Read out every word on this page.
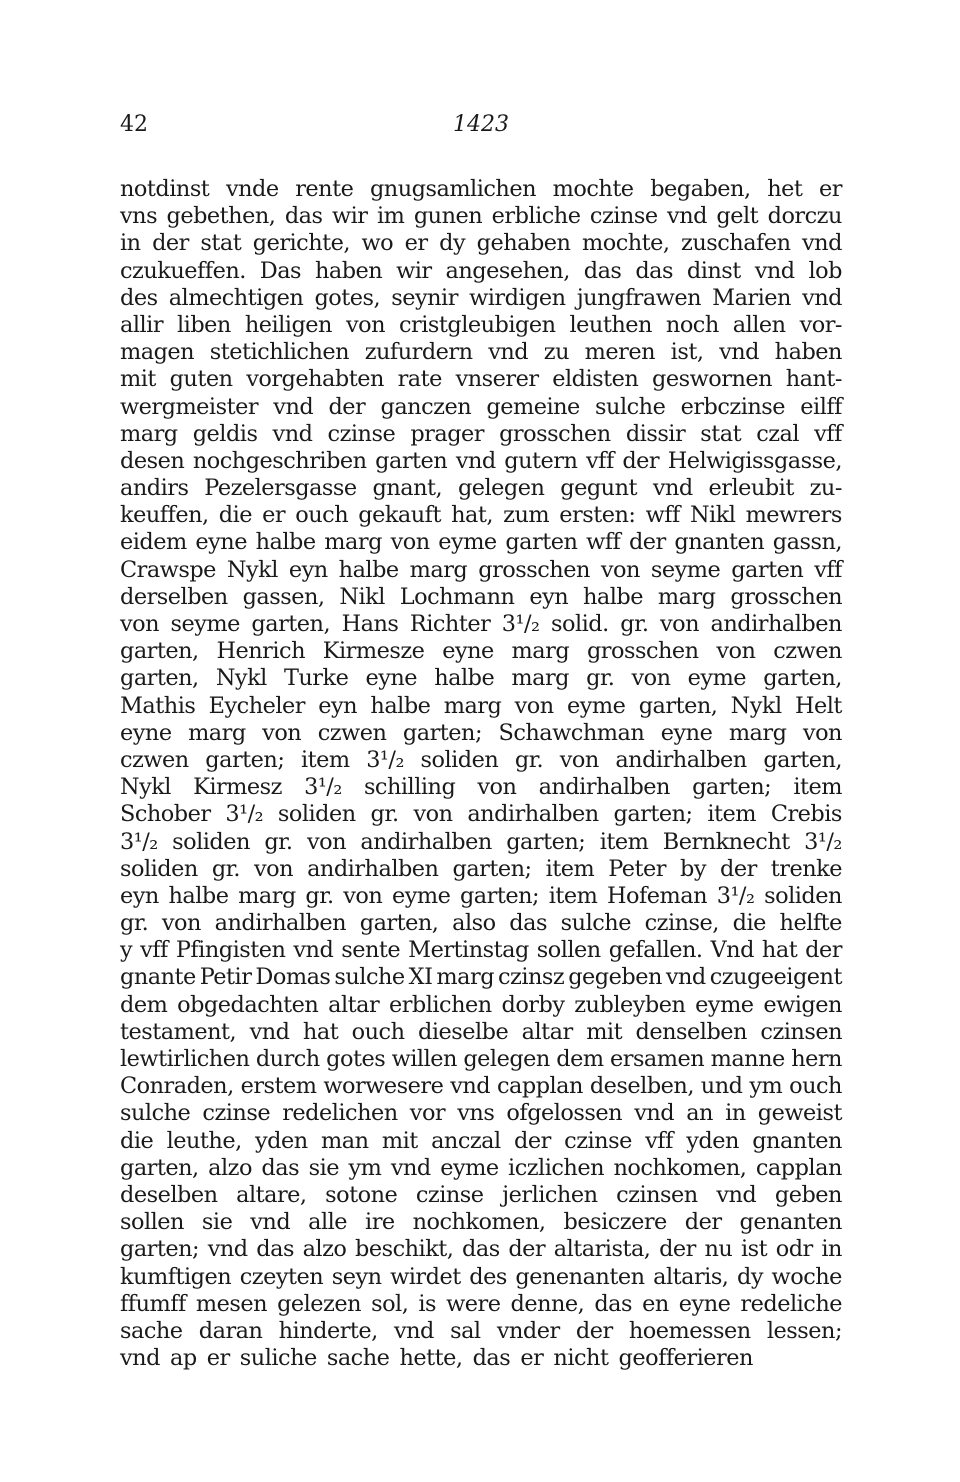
42	1423
notdinst vnde rente gnugsamlichen mochte begaben, het er
vns gebethen, das wir im gunen erbliche czinse vnd gelt dorczu
in der stat gerichte, wo er dy gehaben mochte, zuschafen vnd
czukueffen. Das haben wir angesehen, das das dinst vnd lob
des almechtigen gotes, seynir wirdigen jungfrawen Marien vnd
allir liben heiligen von cristgleubigen leuthen noch allen vor-
magen stetichlichen zufurdern vnd zu meren ist, vnd haben
mit guten vorgehabten rate vnserer eldisten geswornen hant-
wergmeister vnd der ganczen gemeine sulche erbczinse eilff
marg geldis vnd czinse prager grosschen dissir stat czal vff
desen nochgeschriben garten vnd gutern vff der Helwigissgasse,
andirs Pezelersgasse gnant, gelegen gegunt vnd erleubit zu-
keuffen, die er ouch gekauft hat, zum ersten: wff Nikl mewrers
eidem eyne halbe marg von eyme garten wff der gnanten gassn,
Crawspe Nykl eyn halbe marg grosschen von seyme garten vff
derselben gassen, Nikl Lochmann eyn halbe marg grosschen
von seyme garten, Hans Richter 3¹/₂ solid. gr. von andirhalben
garten, Henrich Kirmesze eyne marg grosschen von czwen
garten, Nykl Turke eyne halbe marg gr. von eyme garten,
Mathis Eycheler eyn halbe marg von eyme garten, Nykl Helt
eyne marg von czwen garten; Schawchman eyne marg von
czwen garten; item 3¹/₂ soliden gr. von andirhalben garten,
Nykl Kirmesz 3¹/₂ schilling von andirhalben garten; item
Schober 3¹/₂ soliden gr. von andirhalben garten; item Crebis
3¹/₂ soliden gr. von andirhalben garten; item Bernknecht 3¹/₂
soliden gr. von andirhalben garten; item Peter by der trenke
eyn halbe marg gr. von eyme garten; item Hofeman 3¹/₂ soliden
gr. von andirhalben garten, also das sulche czinse, die helfte
y vff Pfingisten vnd sente Mertinstag sollen gefallen. Vnd hat der
gnante Petir Domas sulche XI marg czinsz gegeben vnd czugeeigent
dem obgedachten altar erblichen dorby zubleyben eyme ewigen
testament, vnd hat ouch dieselbe altar mit denselben czinsen
lewtirlichen durch gotes willen gelegen dem ersamen manne hern
Conraden, erstem worwesere vnd capplan deselben, und ym ouch
sulche czinse redelichen vor vns ofgelossen vnd an in geweist
die leuthe, yden man mit anczal der czinse vff yden gnanten
garten, alzo das sie ym vnd eyme iczlichen nochkomen, capplan
deselben altare, sotone czinse jerlichen czinsen vnd geben
sollen sie vnd alle ire nochkomen, besiczere der genanten
garten; vnd das alzo beschikt, das der altarista, der nu ist odr in
kumftigen czeyten seyn wirdet des genenanten altaris, dy woche
ffumff mesen gelezen sol, is were denne, das en eyne redeliche
sache daran hinderte, vnd sal vnder der hoemessen lessen;
vnd ap er suliche sache hette, das er nicht geofferieren
